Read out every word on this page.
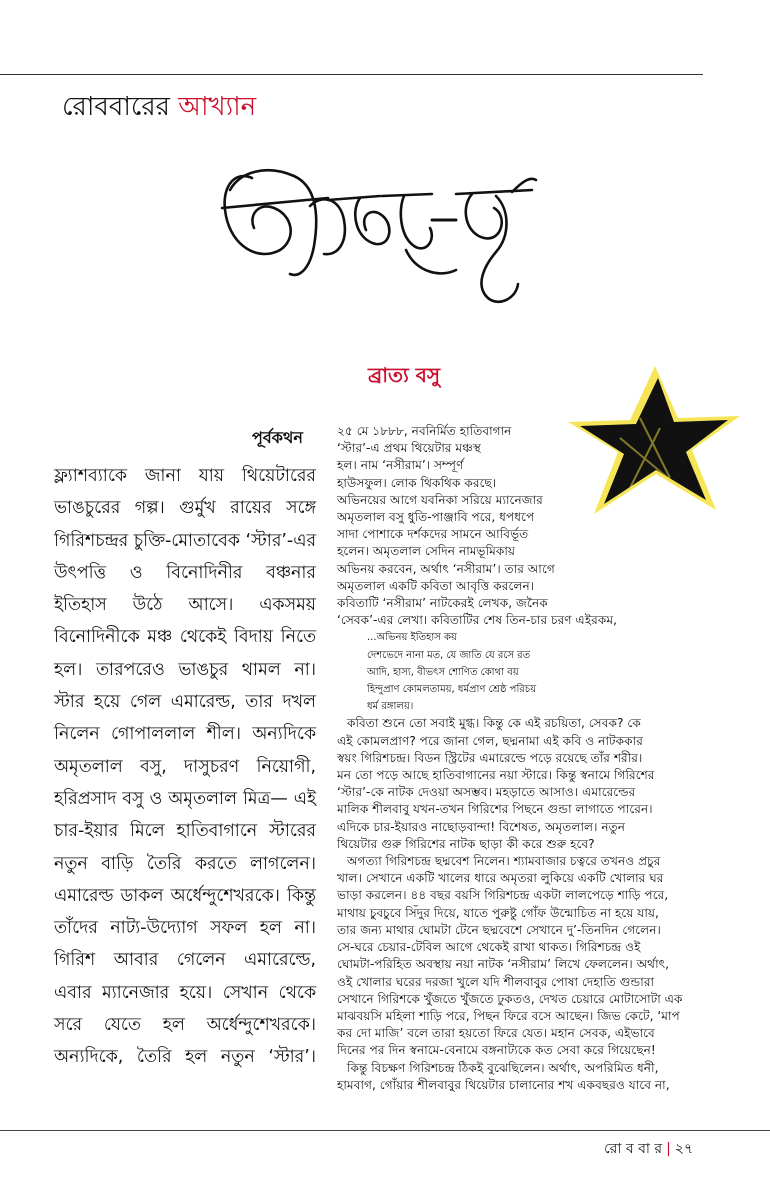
রোববারের আখ্যান
ব্রাত্য বসু
পূর্বকথন

ফ্ল্যাশব্যাকে জানা যায় থিয়েটারের ভাঙচুরের গল্প। গুর্মুখ রায়ের সঙ্গে গিরিশচন্দ্রর চুক্তি-মোতাবেক ‘স্টার’-এর উৎপত্তি ও বিনোদিনীর বঞ্চনার ইতিহাস উঠে আসে। একসময় বিনোদিনীকে মঞ্চ থেকেই বিদায় নিতে হল। তারপরেও ভাঙচুর থামল না। স্টার হয়ে গেল এমারেল্ড, তার দখল নিলেন গোপাললাল শীল। অন্যদিকে অমৃতলাল বসু, দাসুচরণ নিয়োগী, হরিপ্রসাদ বসু ও অমৃতলাল মিত্র— এই চার-ইয়ার মিলে হাতিবাগানে স্টারের নতুন বাড়ি তৈরি করতে লাগলেন। এমারেল্ড ডাকল অর্ধেন্দুশেখরকে। কিন্তু তাঁদের নাট্য-উদ্যোগ সফল হল না। গিরিশ আবার গেলেন এমারেল্ডে, এবার ম্যানেজার হয়ে। সেখান থেকে সরে যেতে হল অর্ধেন্দুশেখরকে। অন্যদিকে, তৈরি হল নতুন ‘স্টার’।

২৫ মে ১৮৮৮, নবনির্মিত হাতিবাগান
‘স্টার’-এ প্রথম থিয়েটার মঞ্চস্থ
হল। নাম ‘নসীরাম’। সম্পূর্ণ
হাউসফুল। লোক থিকথিক করছে।
অভিনয়ের আগে যবনিকা সরিয়ে ম্যানেজার
অমৃতলাল বসু ধুতি-পাঞ্জাবি পরে, ধপধপে
সাদা পোশাকে দর্শকদের সামনে আবির্ভূত
হলেন। অমৃতলাল সেদিন নামভূমিকায়
অভিনয় করবেন, অর্থাৎ ‘নসীরাম’। তার আগে
অমৃতলাল একটি কবিতা আবৃত্তি করলেন।
কবিতাটি ‘নসীরাম’ নাটকেরই লেখক, জনৈক
‘সেবক’-এর লেখা। কবিতাটির শেষ তিন-চার চরণ এইরকম,
...অভিনয় ইতিহাস কয়
দেশভেদে নানা মত, যে জাতি যে রসে রত
আদি, হাস্য, বীভৎস শোণিত কোথা বয়
হিন্দুপ্রাণ কোমলতাময়, ধর্মপ্রাণ শ্রেষ্ঠ পরিচয়
ধর্ম রঙ্গালয়।
কবিতা শুনে তো সবাই মুগ্ধ। কিন্তু কে এই রচয়িতা, সেবক? কে
এই কোমলপ্রাণ? পরে জানা গেল, ছদ্মনামা এই কবি ও নাটককার
স্বয়ং গিরিশচন্দ্র। বিডন স্ট্রিটের এমারেল্ডে পড়ে রয়েছে তাঁর শরীর।
মন তো পড়ে আছে হাতিবাগানের নয়া স্টারে। কিন্তু স্বনামে গিরিশের
‘স্টার’-কে নাটক দেওয়া অসম্ভব। মহড়াতে আসাও। এমারেল্ডের
মালিক শীলবাবু যখন-তখন গিরিশের পিছনে গুন্ডা লাগাতে পারেন।
এদিকে চার-ইয়ারও নাছোড়বান্দা! বিশেষত, অমৃতলাল। নতুন
থিয়েটার গুরু গিরিশের নাটক ছাড়া কী করে শুরু হবে?
অগত্যা গিরিশচন্দ্র ছদ্মবেশ নিলেন। শ্যামবাজার চত্বরে তখনও প্রচুর
খাল। সেখানে একটি খালের ধারে অমৃতরা লুকিয়ে একটি খোলার ঘর
ভাড়া করলেন। ৪৪ বছর বয়সি গিরিশচন্দ্র একটা লালপেড়ে শাড়ি পরে,
মাথায় চুবচুবে সিঁদুর দিয়ে, যাতে পুরুষ্টু গোঁফ উন্মোচিত না হয়ে যায়,
তার জন্য মাথার ঘোমটা টেনে ছদ্মবেশে সেখানে দু’-তিনদিন গেলেন।
সে-ঘরে চেয়ার-টেবিল আগে থেকেই রাখা থাকত। গিরিশচন্দ্র ওই
ঘোমটা-পরিহিত অবস্থায় নয়া নাটক ‘নসীরাম’ লিখে ফেললেন। অর্থাৎ,
ওই খোলার ঘরের দরজা খুলে যদি শীলবাবুর পোষা দেহাতি গুন্ডারা
সেখানে গিরিশকে খুঁজতে খুঁজতে ঢুকতও, দেখত চেয়ারে মোটাসোটা এক
মাঝবয়সি মহিলা শাড়ি পরে, পিছন ফিরে বসে আছেন। জিভ কেটে, ‘মাপ
কর দো মাজি’ বলে তারা হয়তো ফিরে যেত। মহান সেবক, এইভাবে
দিনের পর দিন স্বনামে-বেনামে বঙ্গনাট্যকে কত সেবা করে গিয়েছেন!
কিন্তু বিচক্ষণ গিরিশচন্দ্র ঠিকই বুঝেছিলেন। অর্থাৎ, অপরিমিত ধনী,
হামবাগ, গোঁয়ার শীলবাবুর থিয়েটার চালানোর শখ একবছরও যাবে না,
রো ব বা র | ২৭
